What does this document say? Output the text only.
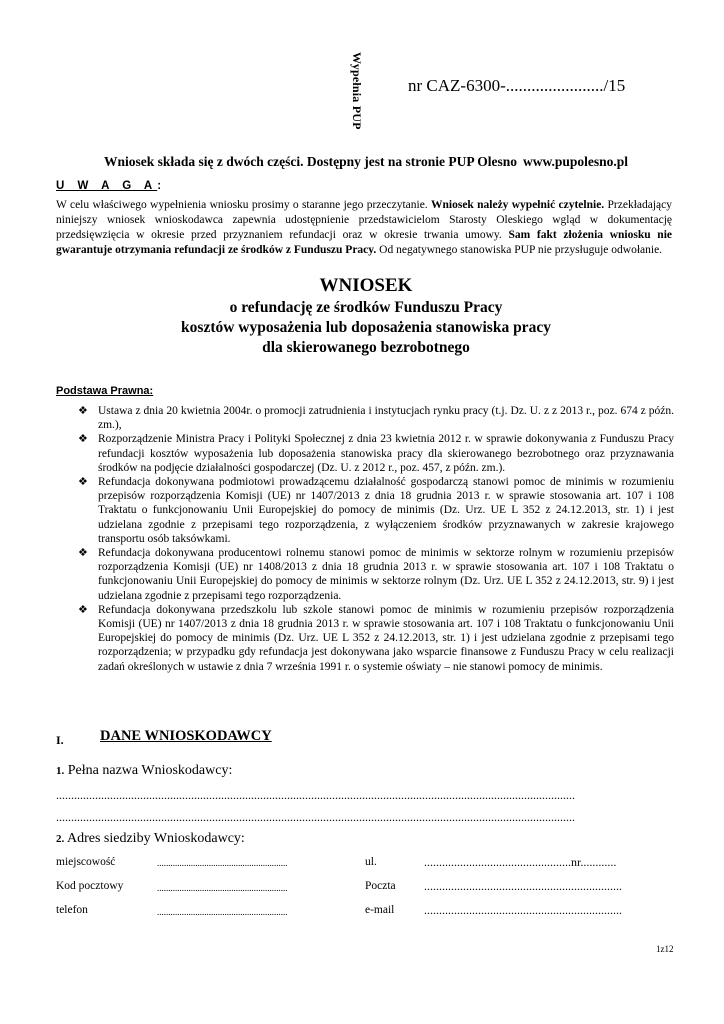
Wypełnia PUP	nr CAZ-6300-......................./15
Wniosek składa się z dwóch części. Dostępny jest na stronie PUP Olesno www.pupolesno.pl
U W A G A:
W celu właściwego wypełnienia wniosku prosimy o staranne jego przeczytanie. Wniosek należy wypełnić czytelnie. Przekładający niniejszy wniosek wnioskodawca zapewnia udostępnienie przedstawicielom Starosty Oleskiego wgląd w dokumentację przedsięwzięcia w okresie przed przyznaniem refundacji oraz w okresie trwania umowy. Sam fakt złożenia wniosku nie gwarantuje otrzymania refundacji ze środków z Funduszu Pracy. Od negatywnego stanowiska PUP nie przysługuje odwołanie.
WNIOSEK
o refundację ze środków Funduszu Pracy
kosztów wyposażenia lub doposażenia stanowiska pracy
dla skierowanego bezrobotnego
Podstawa Prawna:
❖ Ustawa z dnia 20 kwietnia 2004r. o promocji zatrudnienia i instytucjach rynku pracy (t.j. Dz. U. z z 2013 r., poz. 674 z późn. zm.),
❖ Rozporządzenie Ministra Pracy i Polityki Społecznej z dnia 23 kwietnia 2012 r. w sprawie dokonywania z Funduszu Pracy refundacji kosztów wyposażenia lub doposażenia stanowiska pracy dla skierowanego bezrobotnego oraz przyznawania środków na podjęcie działalności gospodarczej (Dz. U. z 2012 r., poz. 457, z późn. zm.).
❖ Refundacja dokonywana podmiotowi prowadzącemu działalność gospodarczą stanowi pomoc de minimis w rozumieniu przepisów rozporządzenia Komisji (UE) nr 1407/2013 z dnia 18 grudnia 2013 r. w sprawie stosowania art. 107 i 108 Traktatu o funkcjonowaniu Unii Europejskiej do pomocy de minimis (Dz. Urz. UE L 352 z 24.12.2013, str. 1) i jest udzielana zgodnie z przepisami tego rozporządzenia, z wyłączeniem środków przyznawanych w zakresie krajowego transportu osób taksówkami.
❖ Refundacja dokonywana producentowi rolnemu stanowi pomoc de minimis w sektorze rolnym w rozumieniu przepisów rozporządzenia Komisji (UE) nr 1408/2013 z dnia 18 grudnia 2013 r. w sprawie stosowania art. 107 i 108 Traktatu o funkcjonowaniu Unii Europejskiej do pomocy de minimis w sektorze rolnym (Dz. Urz. UE L 352 z 24.12.2013, str. 9) i jest udzielana zgodnie z przepisami tego rozporządzenia.
❖ Refundacja dokonywana przedszkolu lub szkole stanowi pomoc de minimis w rozumieniu przepisów rozporządzenia Komisji (UE) nr 1407/2013 z dnia 18 grudnia 2013 r. w sprawie stosowania art. 107 i 108 Traktatu o funkcjonowaniu Unii Europejskiej do pomocy de minimis (Dz. Urz. UE L 352 z 24.12.2013, str. 1) i jest udzielana zgodnie z przepisami tego rozporządzenia; w przypadku gdy refundacja jest dokonywana jako wsparcie finansowe z Funduszu Pracy w celu realizacji zadań określonych w ustawie z dnia 7 września 1991 r. o systemie oświaty – nie stanowi pomocy de minimis.
I.	DANE WNIOSKODAWCY
1. Pełna nazwa Wnioskodawcy:
.............................................................................................................................................................................
.............................................................................................................................................................................
2. Adres siedziby Wnioskodawcy:
miejscowość	..........................................................	ul.	.................................................nr............
Kod pocztowy	..........................................................	Poczta ..................................................................
telefon	..........................................................	e-mail ..................................................................
1z12
